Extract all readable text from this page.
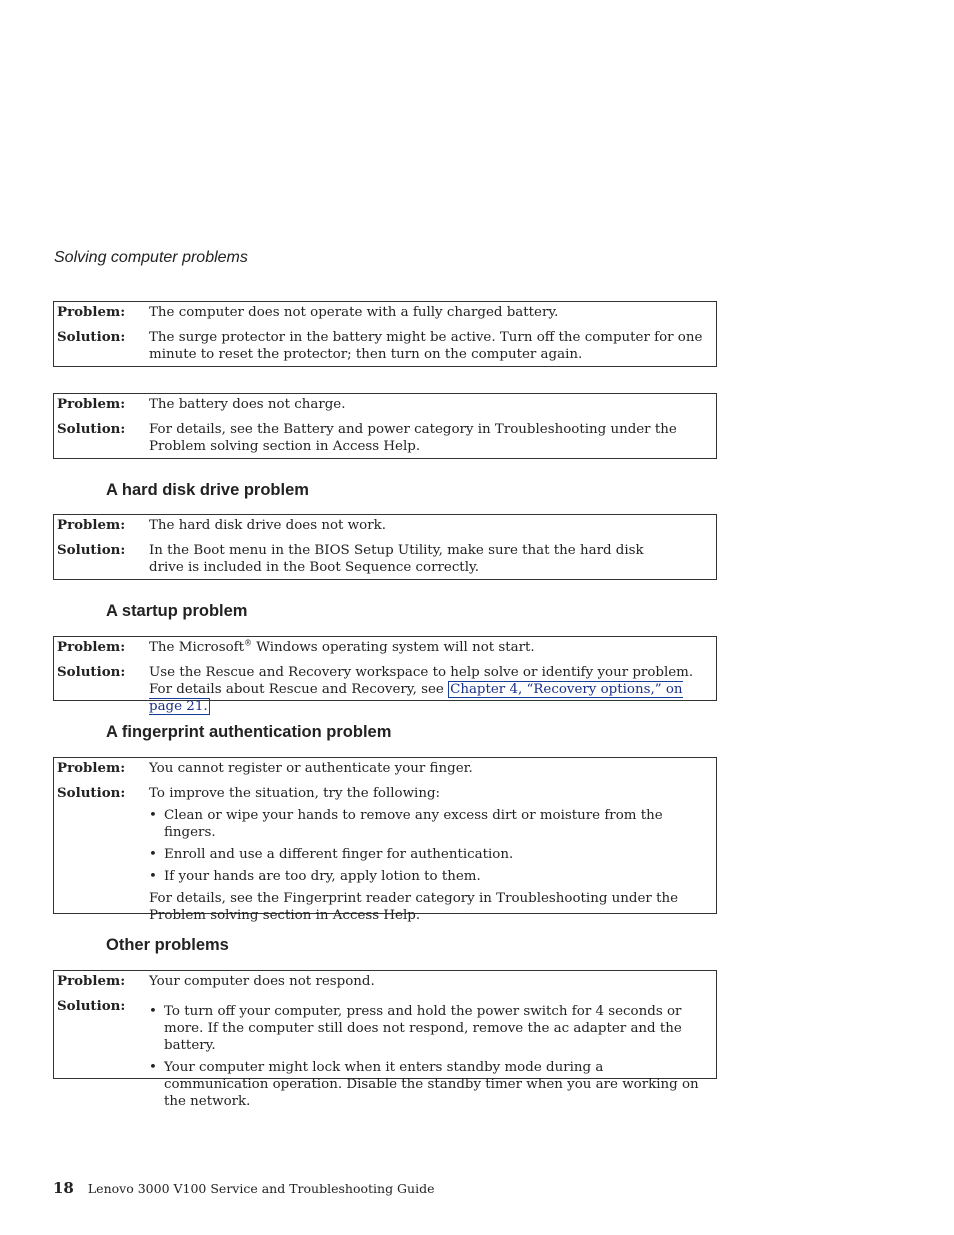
Solving computer problems
Problem: The computer does not operate with a fully charged battery.
Solution: The surge protector in the battery might be active. Turn off the computer for one minute to reset the protector; then turn on the computer again.
Problem: The battery does not charge.
Solution: For details, see the Battery and power category in Troubleshooting under the Problem solving section in Access Help.
A hard disk drive problem
Problem: The hard disk drive does not work.
Solution: In the Boot menu in the BIOS Setup Utility, make sure that the hard disk drive is included in the Boot Sequence correctly.
A startup problem
Problem: The Microsoft® Windows operating system will not start.
Solution: Use the Rescue and Recovery workspace to help solve or identify your problem. For details about Rescue and Recovery, see Chapter 4, “Recovery options,” on page 21.
A fingerprint authentication problem
Problem: You cannot register or authenticate your finger.
Solution: To improve the situation, try the following:
• Clean or wipe your hands to remove any excess dirt or moisture from the fingers.
• Enroll and use a different finger for authentication.
• If your hands are too dry, apply lotion to them.
For details, see the Fingerprint reader category in Troubleshooting under the Problem solving section in Access Help.
Other problems
Problem: Your computer does not respond.
Solution:
•	To turn off your computer, press and hold the power switch for 4 seconds or more. If the computer still does not respond, remove the ac adapter and the battery.
• Your computer might lock when it enters standby mode during a communication operation. Disable the standby timer when you are working on the network.
18 Lenovo 3000 V100 Service and Troubleshooting Guide
